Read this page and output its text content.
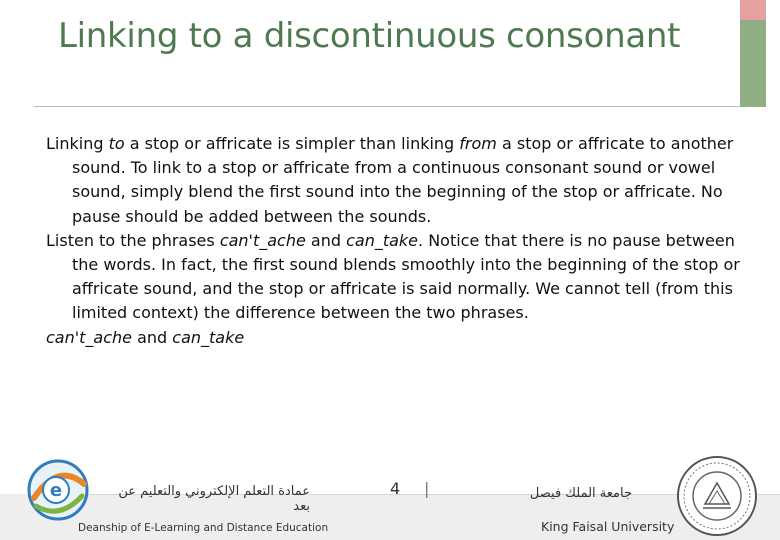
Linking to a discontinuous consonant

Linking to a stop or affricate is simpler than linking from a stop or affricate to another sound. To link to a stop or affricate from a continuous consonant sound or vowel sound, simply blend the first sound into the beginning of the stop or affricate. No pause should be added between the sounds.

Listen to the phrases can't_ache and can_take. Notice that there is no pause between the words. In fact, the first sound blends smoothly into the beginning of the stop or affricate sound, and the stop or affricate is said normally. We cannot tell (from this limited context) the difference between the two phrases.

can't_ache and can_take

e	عمادة التعلم الإلكتروني والتعليم عن بعد
Deanship of E-Learning and Distance Education
4 |	جامعة الملك فيصل
King Faisal University
